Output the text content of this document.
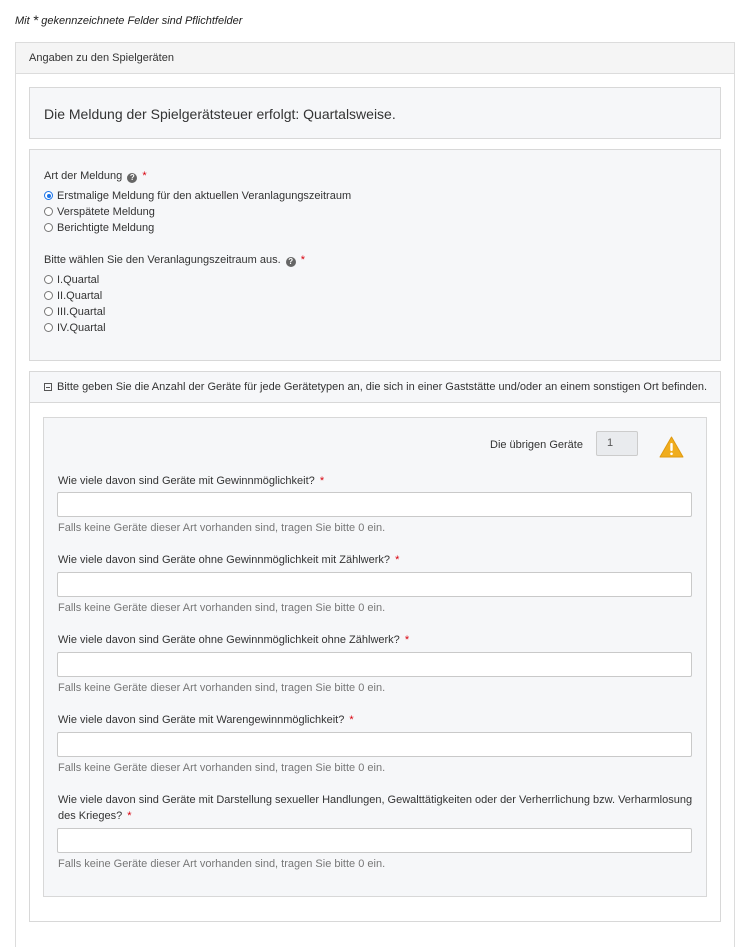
Mit * gekennzeichnete Felder sind Pflichtfelder
Angaben zu den Spielgeräten
Die Meldung der Spielgerätsteuer erfolgt: Quartalsweise.
Art der Meldung ? *
Erstmalige Meldung für den aktuellen Veranlagungszeitraum
Verspätete Meldung
Berichtigte Meldung
Bitte wählen Sie den Veranlagungszeitraum aus. ? *
I.Quartal
II.Quartal
III.Quartal
IV.Quartal
Bitte geben Sie die Anzahl der Geräte für jede Gerätetypen an, die sich in einer Gaststätte und/oder an einem sonstigen Ort befinden.
Die übrigen Geräte	1
Wie viele davon sind Geräte mit Gewinnmöglichkeit? *
Falls keine Geräte dieser Art vorhanden sind, tragen Sie bitte 0 ein.
Wie viele davon sind Geräte ohne Gewinnmöglichkeit mit Zählwerk? *
Falls keine Geräte dieser Art vorhanden sind, tragen Sie bitte 0 ein.
Wie viele davon sind Geräte ohne Gewinnmöglichkeit ohne Zählwerk? *
Falls keine Geräte dieser Art vorhanden sind, tragen Sie bitte 0 ein.
Wie viele davon sind Geräte mit Warengewinnmöglichkeit? *
Falls keine Geräte dieser Art vorhanden sind, tragen Sie bitte 0 ein.
Wie viele davon sind Geräte mit Darstellung sexueller Handlungen, Gewalttätigkeiten oder der Verherrlichung bzw. Verharmlosung des Krieges? *
Falls keine Geräte dieser Art vorhanden sind, tragen Sie bitte 0 ein.
